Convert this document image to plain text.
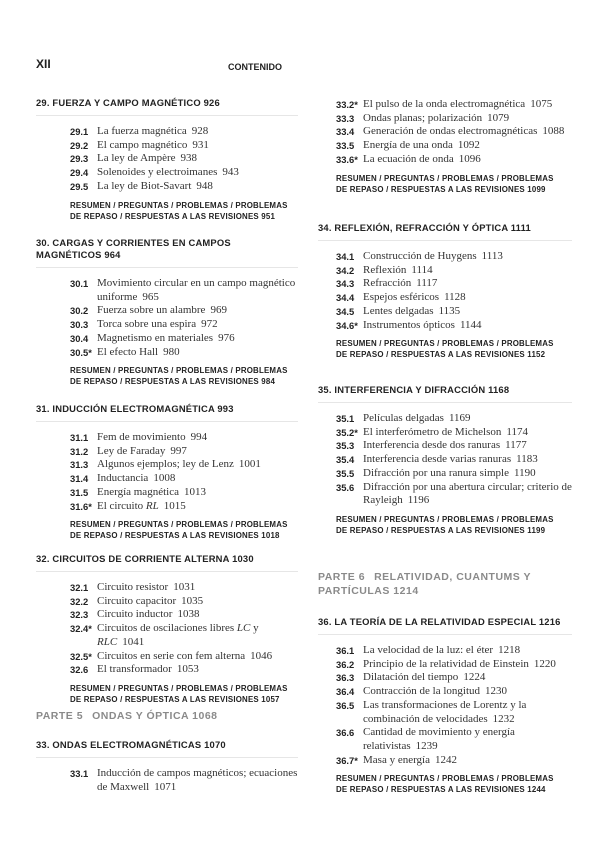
XII	CONTENIDO
29. FUERZA Y CAMPO MAGNÉTICO 926
29.1 La fuerza magnética 928
29.2 El campo magnético 931
29.3 La ley de Ampère 938
29.4 Solenoides y electroimanes 943
29.5 La ley de Biot-Savart 948
RESUMEN / PREGUNTAS / PROBLEMAS / PROBLEMAS
DE REPASO / RESPUESTAS A LAS REVISIONES 951
30. CARGAS Y CORRIENTES EN CAMPOS MAGNÉTICOS 964
30.1 Movimiento circular en un campo magnético uniforme 965
30.2 Fuerza sobre un alambre 969
30.3 Torca sobre una espira 972
30.4 Magnetismo en materiales 976
30.5* El efecto Hall 980
RESUMEN / PREGUNTAS / PROBLEMAS / PROBLEMAS
DE REPASO / RESPUESTAS A LAS REVISIONES 984
31. INDUCCIÓN ELECTROMAGNÉTICA 993
31.1 Fem de movimiento 994
31.2 Ley de Faraday 997
31.3 Algunos ejemplos; ley de Lenz 1001
31.4 Inductancia 1008
31.5 Energía magnética 1013
31.6* El circuito RL 1015
RESUMEN / PREGUNTAS / PROBLEMAS / PROBLEMAS
DE REPASO / RESPUESTAS A LAS REVISIONES 1018
32. CIRCUITOS DE CORRIENTE ALTERNA 1030
32.1 Circuito resistor 1031
32.2 Circuito capacitor 1035
32.3 Circuito inductor 1038
32.4* Circuitos de oscilaciones libres LC y RLC 1041
32.5* Circuitos en serie con fem alterna 1046
32.6 El transformador 1053
RESUMEN / PREGUNTAS / PROBLEMAS / PROBLEMAS
DE REPASO / RESPUESTAS A LAS REVISIONES 1057
PARTE 5 ONDAS Y ÓPTICA 1068
33. ONDAS ELECTROMAGNÉTICAS 1070
33.1 Inducción de campos magnéticos; ecuaciones de Maxwell 1071
33.2* El pulso de la onda electromagnética 1075
33.3 Ondas planas; polarización 1079
33.4 Generación de ondas electromagnéticas 1088
33.5 Energía de una onda 1092
33.6* La ecuación de onda 1096
RESUMEN / PREGUNTAS / PROBLEMAS / PROBLEMAS
DE REPASO / RESPUESTAS A LAS REVISIONES 1099
34. REFLEXIÓN, REFRACCIÓN Y ÓPTICA 1111
34.1 Construcción de Huygens 1113
34.2 Reflexión 1114
34.3 Refracción 1117
34.4 Espejos esféricos 1128
34.5 Lentes delgadas 1135
34.6* Instrumentos ópticos 1144
RESUMEN / PREGUNTAS / PROBLEMAS / PROBLEMAS
DE REPASO / RESPUESTAS A LAS REVISIONES 1152
35. INTERFERENCIA Y DIFRACCIÓN 1168
35.1 Películas delgadas 1169
35.2* El interferómetro de Michelson 1174
35.3 Interferencia desde dos ranuras 1177
35.4 Interferencia desde varias ranuras 1183
35.5 Difracción por una ranura simple 1190
35.6 Difracción por una abertura circular; criterio de Rayleigh 1196
RESUMEN / PREGUNTAS / PROBLEMAS / PROBLEMAS
DE REPASO / RESPUESTAS A LAS REVISIONES 1199
PARTE 6 RELATIVIDAD, CUANTUMS Y PARTÍCULAS 1214
36. LA TEORÍA DE LA RELATIVIDAD ESPECIAL 1216
36.1 La velocidad de la luz: el éter 1218
36.2 Principio de la relatividad de Einstein 1220
36.3 Dilatación del tiempo 1224
36.4 Contracción de la longitud 1230
36.5 Las transformaciones de Lorentz y la combinación de velocidades 1232
36.6 Cantidad de movimiento y energía relativistas 1239
36.7* Masa y energía 1242
RESUMEN / PREGUNTAS / PROBLEMAS / PROBLEMAS
DE REPASO / RESPUESTAS A LAS REVISIONES 1244
